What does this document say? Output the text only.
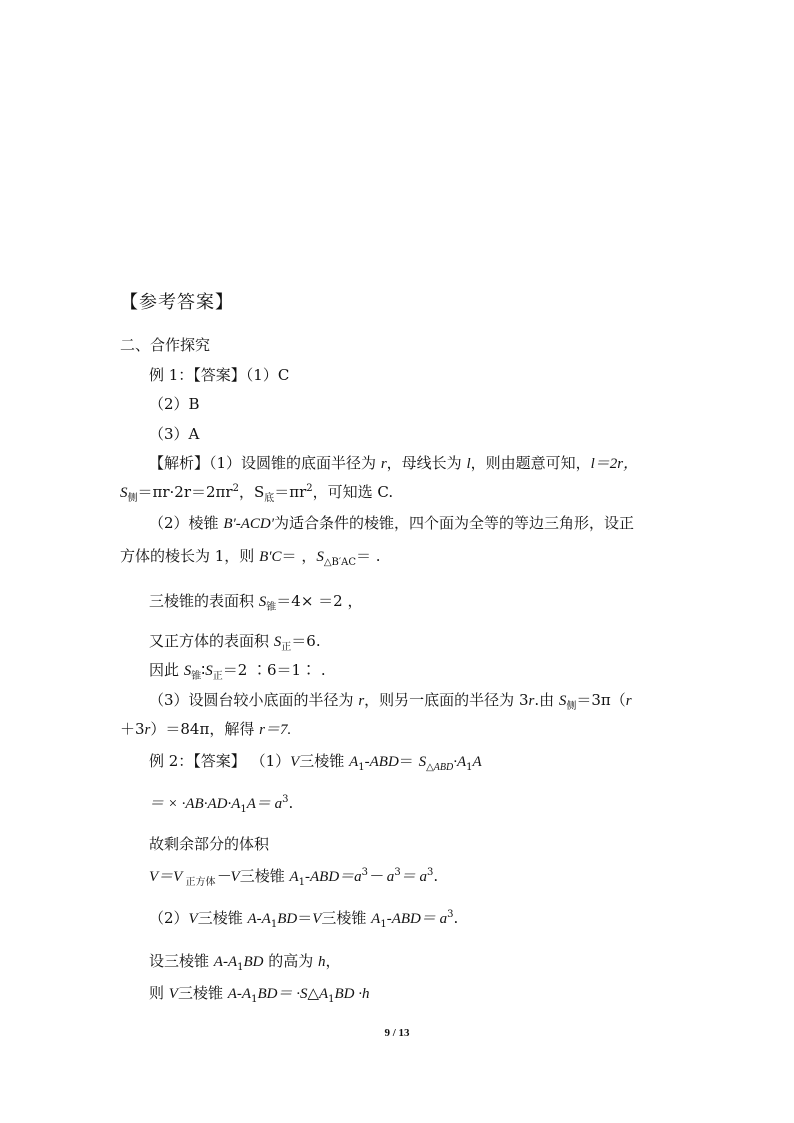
【参考答案】
二、合作探究
例 1：【答案】（1）C
（2）B
（3）A
【解析】（1）设圆锥的底面半径为 r，母线长为 l，则由题意可知，l＝2r，
$S_侧=\pi r\cdot 2r=2\pi r^2$，$S_底=\pi r^2$，可知选 C.
（2）棱锥 B′-ACD′为适合条件的棱锥，四个面为全等的等边三角形，设正
方体的棱长为 1，则 B′C＝ ，$S_{\triangle B'AC}=$ .
三棱锥的表面积 $S_锥=4\times =2$ ，
又正方体的表面积 $S_正=6$.
因此 $S_锥∶S_正=2$ ∶6＝1∶ .
（3）设圆台较小底面的半径为 r，则另一底面的半径为 3r.由 $S_侧=3\pi(r$
＋3r）＝84π，解得 r＝7.
例 2：【答案】 （1）V三棱锥 $A_1-ABD= S_{\triangle ABD}\cdot A_1A$
＝ × $\cdot AB\cdot AD\cdot A_1A= a^3$.
故剩余部分的体积
V＝V $_{正方体}$－V三棱锥 $A_1-ABD=a^3- a^3= a^3$.
（2）V三棱锥 $A-A_1BD=V$三棱锥 $A_1-ABD= a^3$.
设三棱锥 $A-A_1BD$ 的高为 h，
则 V三棱锥 $A-A_1BD=$ $\cdot S\triangle A_1BD \cdot h$
9 / 13
